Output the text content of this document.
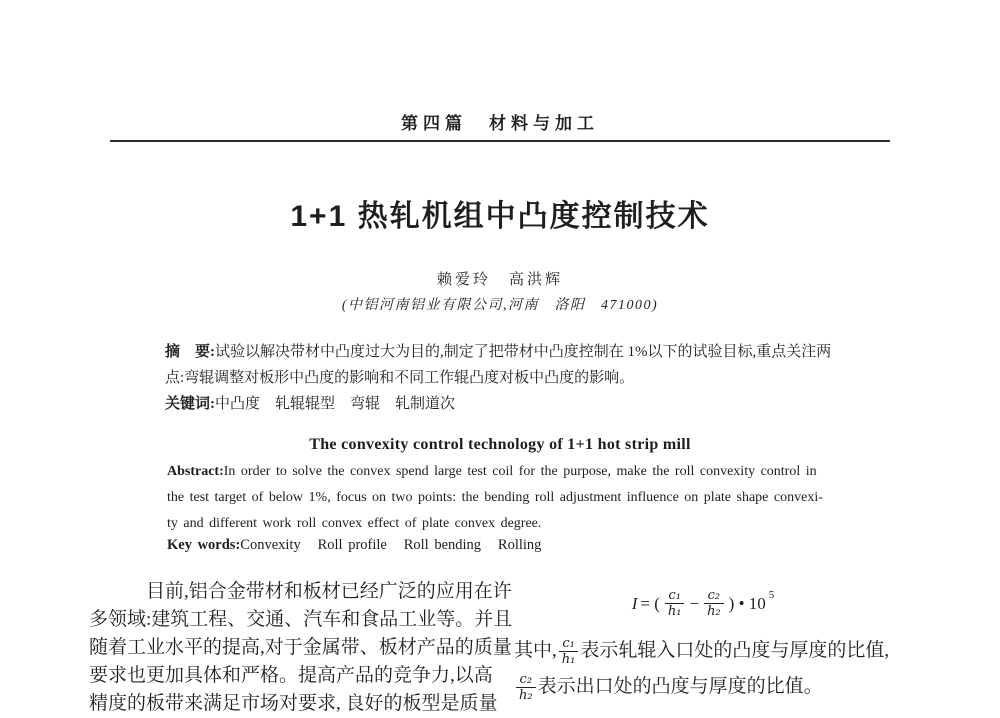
第四篇　材料与加工
1+1 热轧机组中凸度控制技术
赖爱玲　高洪辉
(中铝河南铝业有限公司,河南　洛阳　471000)
摘　要:试验以解决带材中凸度过大为目的,制定了把带材中凸度控制在 1%以下的试验目标,重点关注两
点:弯辊调整对板形中凸度的影响和不同工作辊凸度对板中凸度的影响。
关键词:中凸度　轧辊辊型　弯辊　轧制道次
The convexity control technology of 1+1 hot strip mill
Abstract:In order to solve the convex spend large test coil for the purpose, make the roll convexity control in
the test target of below 1%, focus on two points: the bending roll adjustment influence on plate shape convexi-
ty and different work roll convex effect of plate convex degree.
Key words:Convexity   Roll profile   Roll bending   Rolling
目前,铝合金带材和板材已经广泛的应用在许
多领域:建筑工程、交通、汽车和食品工业等。并且
随着工业水平的提高,对于金属带、板材产品的质量
要求也更加具体和严格。提高产品的竞争力,以高
精度的板带来满足市场对要求, 良好的板型是质量
I = ( $\frac{\text{c₁}}{\text{h₁}} - \frac{\text{c₂}}{\text{h₂}}$ ) • 10 $^5$
其中, $\frac{\text{c₁}}{\text{h₁}}$ 表示轧辊入口处的凸度与厚度的比值,
$\frac{\text{c₂}}{\text{h₂}}$ 表示出口处的凸度与厚度的比值。
